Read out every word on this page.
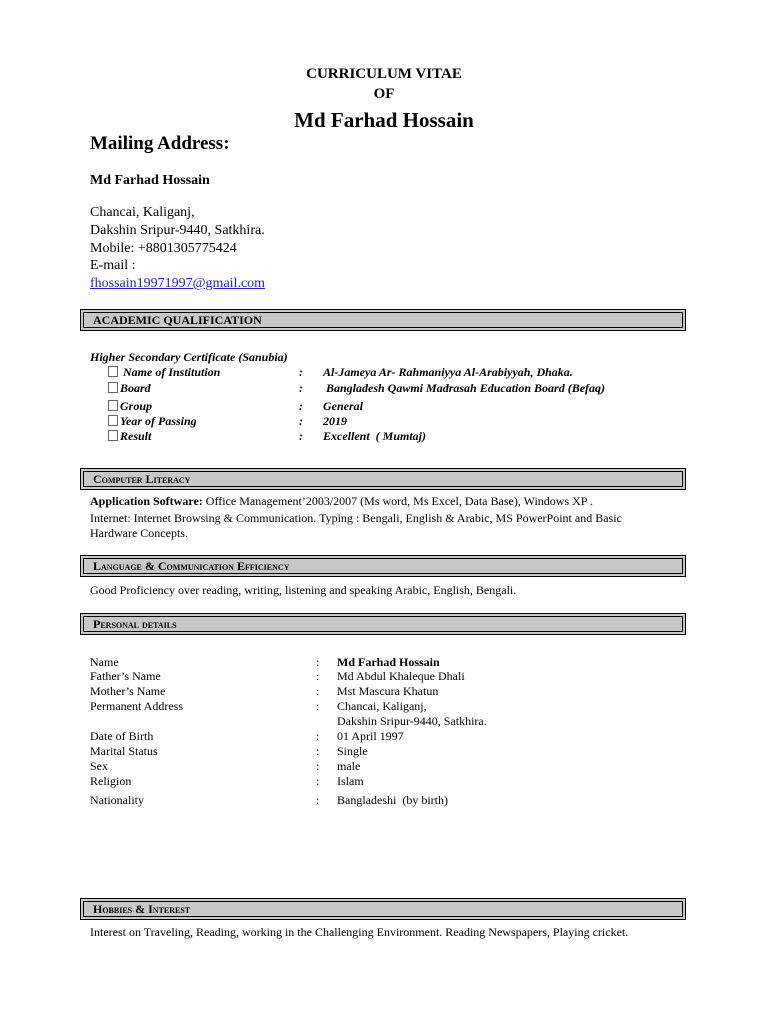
CURRICULUM VITAE
OF
Md Farhad Hossain
Mailing Address:
Md Farhad Hossain
Chancai, Kaliganj,
Dakshin Sripur-9440, Satkhira.
Mobile: +8801305775424
E-mail :
fhossain19971997@gmail.com
ACADEMIC QUALIFICATION
Higher Secondary Certificate (Sanubia)
Name of Institution	: Al-Jameya Ar- Rahmaniyya Al-Arabiyyah, Dhaka.
Board	: Bangladesh Qawmi Madrasah Education Board (Befaq)
Group	: General
Year of Passing	: 2019
Result	: Excellent  ( Mumtaj)
Computer Literacy
Application Software: Office Management’2003/2007 (Ms word, Ms Excel, Data Base), Windows XP .
Internet: Internet Browsing & Communication. Typing : Bengali, English & Arabic, MS PowerPoint and Basic
Hardware Concepts.
Language & Communication Efficiency
Good Proficiency over reading, writing, listening and speaking Arabic, English, Bengali.
Personal details
Name	: Md Farhad Hossain
Father’s Name	: Md Abdul Khaleque Dhali
Mother’s Name	: Mst Mascura Khatun
Permanent Address	: Chancai, Kaliganj,
Dakshin Sripur-9440, Satkhira.
Date of Birth	: 01 April 1997
Marital Status	: Single
Sex	: male
Religion	: Islam
Nationality	: Bangladeshi  (by birth)
Hobbies & Interest
Interest on Traveling, Reading, working in the Challenging Environment. Reading Newspapers, Playing cricket.
